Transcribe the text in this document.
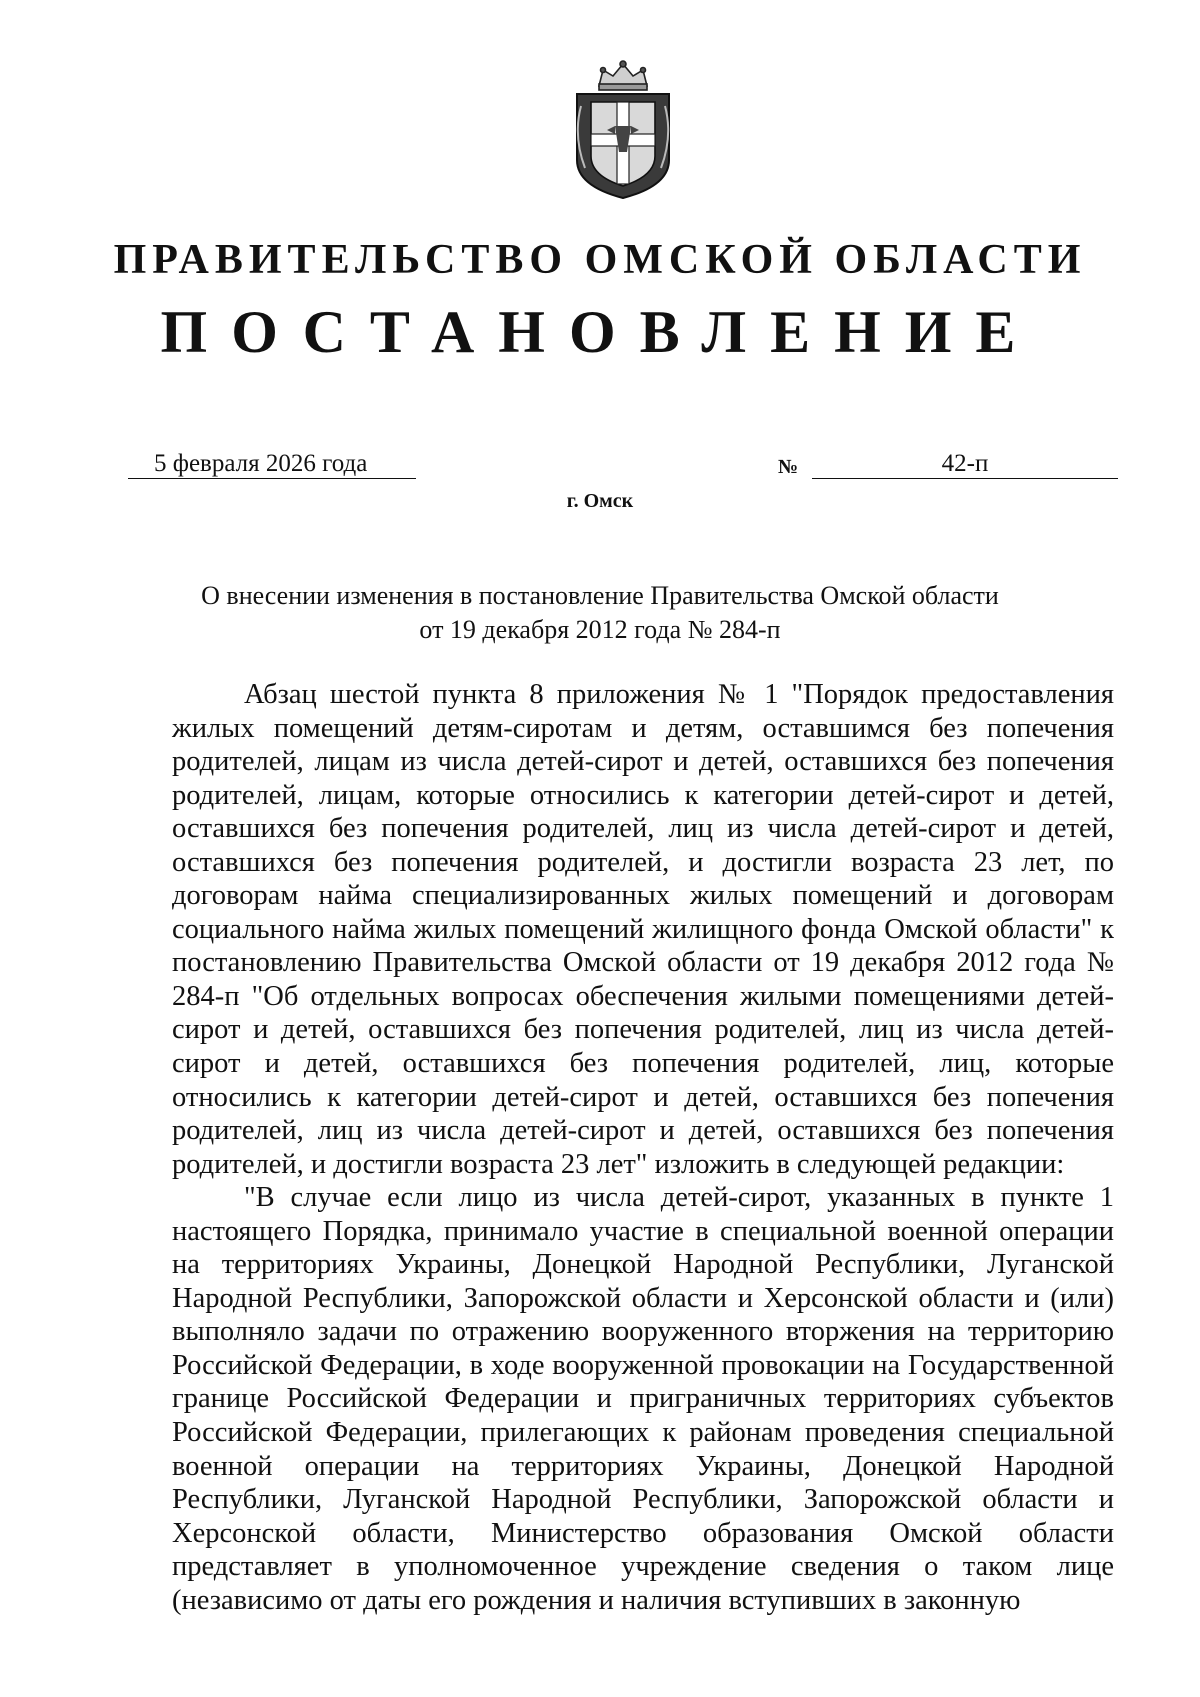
ПРАВИТЕЛЬСТВО ОМСКОЙ ОБЛАСТИ
ПОСТАНОВЛЕНИЕ
5 февраля 2026 года	№	42-п
г. Омск
О внесении изменения в постановление Правительства Омской области
от 19 декабря 2012 года № 284-п

Абзац шестой пункта 8 приложения № 1 "Порядок предоставления жилых помещений детям-сиротам и детям, оставшимся без попечения родителей, лицам из числа детей-сирот и детей, оставшихся без попечения родителей, лицам, которые относились к категории детей-сирот и детей, оставшихся без попечения родителей, лиц из числа детей-сирот и детей, оставшихся без попечения родителей, и достигли возраста 23 лет, по договорам найма специализированных жилых помещений и договорам социального найма жилых помещений жилищного фонда Омской области" к постановлению Правительства Омской области от 19 декабря 2012 года № 284-п "Об отдельных вопросах обеспечения жилыми помещениями детей-сирот и детей, оставшихся без попечения родителей, лиц из числа детей-сирот и детей, оставшихся без попечения родителей, лиц, которые относились к категории детей-сирот и детей, оставшихся без попечения родителей, лиц из числа детей-сирот и детей, оставшихся без попечения родителей, и достигли возраста 23 лет" изложить в следующей редакции:

"В случае если лицо из числа детей-сирот, указанных в пункте 1 настоящего Порядка, принимало участие в специальной военной операции на территориях Украины, Донецкой Народной Республики, Луганской Народной Республики, Запорожской области и Херсонской области и (или) выполняло задачи по отражению вооруженного вторжения на территорию Российской Федерации, в ходе вооруженной провокации на Государственной границе Российской Федерации и приграничных территориях субъектов Российской Федерации, прилегающих к районам проведения специальной военной операции на территориях Украины, Донецкой Народной Республики, Луганской Народной Республики, Запорожской области и Херсонской области, Министерство образования Омской области представляет в уполномоченное учреждение сведения о таком лице (независимо от даты его рождения и наличия вступивших в законную
